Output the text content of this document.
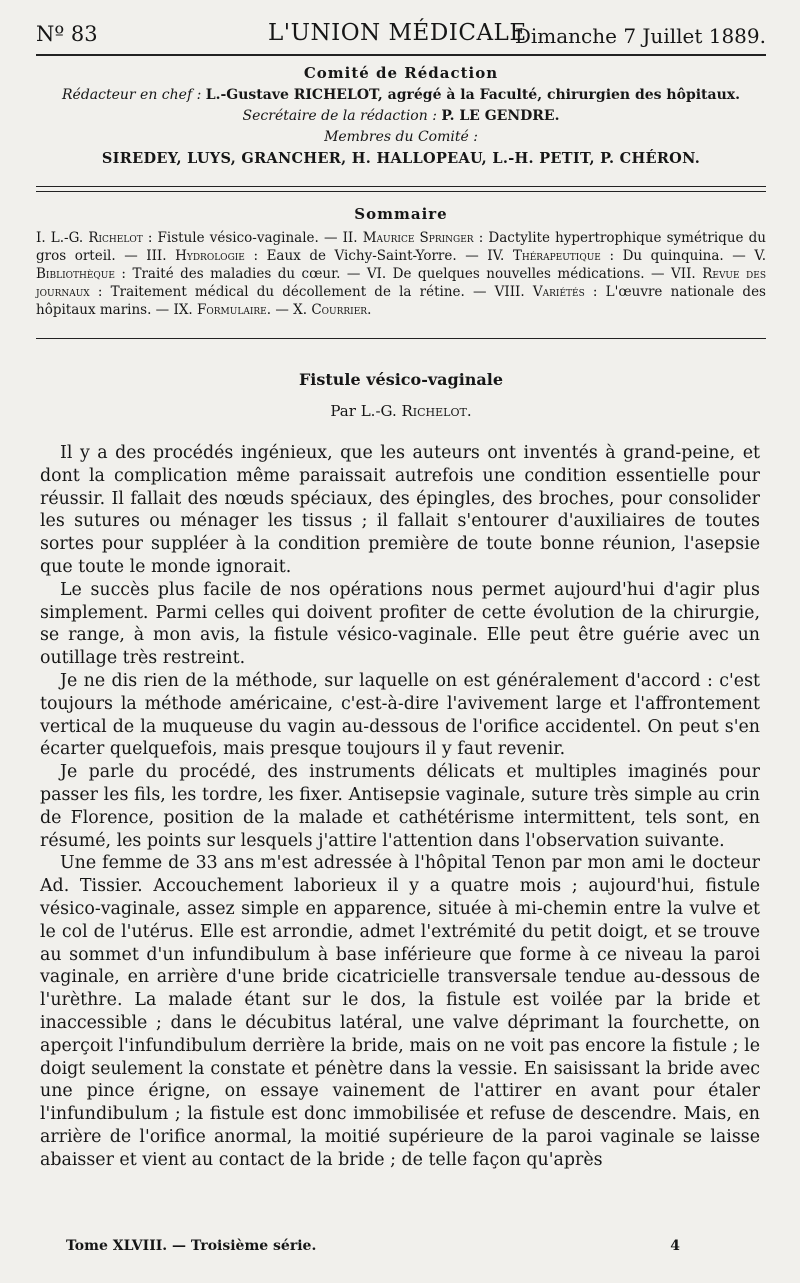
Nº 83	L'UNION MÉDICALE
Dimanche 7 Juillet 1889.
Comité de Rédaction
Rédacteur en chef : L.-Gustave RICHELOT, agrégé à la Faculté, chirurgien des hôpitaux.
Secrétaire de la rédaction : P. LE GENDRE.
Membres du Comité :
SIREDEY, LUYS, GRANCHER, H. HALLOPEAU, L.-H. PETIT, P. CHÉRON.
Sommaire
I. L.-G. Richelot : Fistule vésico-vaginale. — II. Maurice Springer : Dactylite hypertrophique symétrique du gros orteil. — III. Hydrologie : Eaux de Vichy-Saint-Yorre. — IV. Thérapeutique : Du quinquina. — V. Bibliothèque : Traité des maladies du cœur. — VI. De quelques nouvelles médications. — VII. Revue des journaux : Traitement médical du décollement de la rétine. — VIII. Variétés : L'œuvre nationale des hôpitaux marins. — IX. Formulaire. — X. Courrier.
Fistule vésico-vaginale
Par L.-G. Richelot.

Il y a des procédés ingénieux, que les auteurs ont inventés à grand-peine, et dont la complication même paraissait autrefois une condition essentielle pour réussir. Il fallait des nœuds spéciaux, des épingles, des broches, pour consolider les sutures ou ménager les tissus ; il fallait s'entourer d'auxiliaires de toutes sortes pour suppléer à la condition première de toute bonne réunion, l'asepsie que toute le monde ignorait.

Le succès plus facile de nos opérations nous permet aujourd'hui d'agir plus simplement. Parmi celles qui doivent profiter de cette évolution de la chirurgie, se range, à mon avis, la fistule vésico-vaginale. Elle peut être guérie avec un outillage très restreint.

Je ne dis rien de la méthode, sur laquelle on est généralement d'accord : c'est toujours la méthode américaine, c'est-à-dire l'avivement large et l'affrontement vertical de la muqueuse du vagin au-dessous de l'orifice accidentel. On peut s'en écarter quelquefois, mais presque toujours il y faut revenir.

Je parle du procédé, des instruments délicats et multiples imaginés pour passer les fils, les tordre, les fixer. Antisepsie vaginale, suture très simple au crin de Florence, position de la malade et cathétérisme intermittent, tels sont, en résumé, les points sur lesquels j'attire l'attention dans l'observation suivante.

Une femme de 33 ans m'est adressée à l'hôpital Tenon par mon ami le docteur Ad. Tissier. Accouchement laborieux il y a quatre mois ; aujourd'hui, fistule vésico-vaginale, assez simple en apparence, située à mi-chemin entre la vulve et le col de l'utérus. Elle est arrondie, admet l'extrémité du petit doigt, et se trouve au sommet d'un infundibulum à base inférieure que forme à ce niveau la paroi vaginale, en arrière d'une bride cicatricielle transversale tendue au-dessous de l'urèthre. La malade étant sur le dos, la fistule est voilée par la bride et inaccessible ; dans le décubitus latéral, une valve déprimant la fourchette, on aperçoit l'infundibulum derrière la bride, mais on ne voit pas encore la fistule ; le doigt seulement la constate et pénètre dans la vessie. En saisissant la bride avec une pince érigne, on essaye vainement de l'attirer en avant pour étaler l'infundibulum ; la fistule est donc immobilisée et refuse de descendre. Mais, en arrière de l'orifice anormal, la moitié supérieure de la paroi vaginale se laisse abaisser et vient au contact de la bride ; de telle façon qu'après

Tome XLVIII. — Troisième série.	4
